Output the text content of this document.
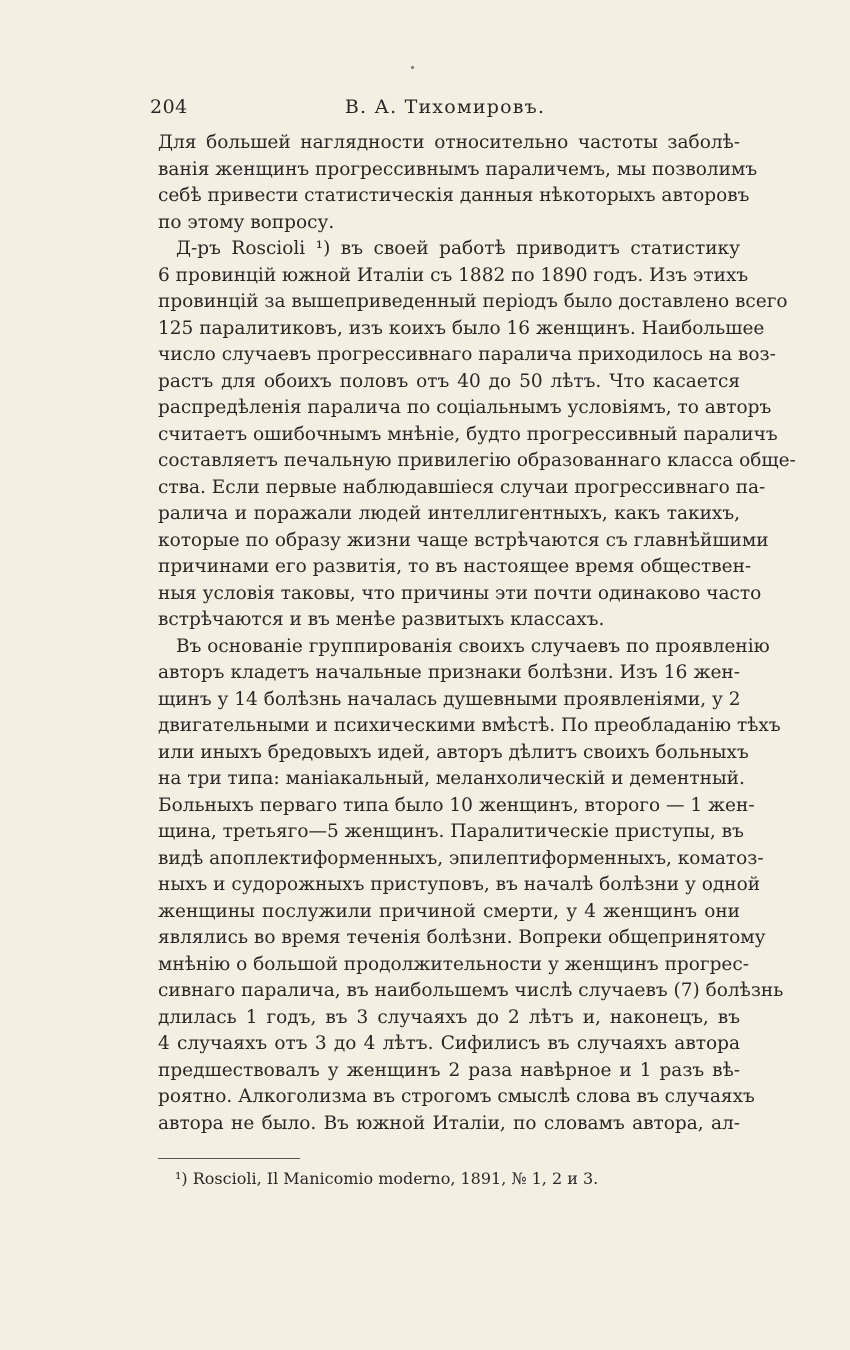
204	В. А. Тихомировъ.
Для большей наглядности относительно частоты заболѣ-
ванія женщинъ прогрессивнымъ параличемъ, мы позволимъ
себѣ привести статистическія данныя нѣкоторыхъ авторовъ
по этому вопросу.
Д-ръ Roscioli ¹) въ своей работѣ приводитъ статистику
6 провинцій южной Италіи съ 1882 по 1890 годъ. Изъ этихъ
провинцій за вышеприведенный періодъ было доставлено всего
125 паралитиковъ, изъ коихъ было 16 женщинъ. Наибольшее
число случаевъ прогрессивнаго паралича приходилось на воз-
растъ для обоихъ половъ отъ 40 до 50 лѣтъ. Что касается
распредѣленія паралича по соціальнымъ условіямъ, то авторъ
считаетъ ошибочнымъ мнѣніе, будто прогрессивный параличъ
составляетъ печальную привилегію образованнаго класса обще-
ства. Если первые наблюдавшіеся случаи прогрессивнаго па-
ралича и поражали людей интеллигентныхъ, какъ такихъ,
которые по образу жизни чаще встрѣчаются съ главнѣйшими
причинами его развитія, то въ настоящее время обществен-
ныя условія таковы, что причины эти почти одинаково часто
встрѣчаются и въ менѣе развитыхъ классахъ.
Въ основаніе группированія своихъ случаевъ по проявленію
авторъ кладетъ начальные признаки болѣзни. Изъ 16 жен-
щинъ у 14 болѣзнь началась душевными проявленіями, у 2
двигательными и психическими вмѣстѣ. По преобладанію тѣхъ
или иныхъ бредовыхъ идей, авторъ дѣлитъ своихъ больныхъ
на три типа: маніакальный, меланхолическій и дементный.
Больныхъ перваго типа было 10 женщинъ, второго — 1 жен-
щина, третьяго—5 женщинъ. Паралитическіе приступы, въ
видѣ апоплектиформенныхъ, эпилептиформенныхъ, коматоз-
ныхъ и судорожныхъ приступовъ, въ началѣ болѣзни у одной
женщины послужили причиной смерти, у 4 женщинъ они
являлись во время теченія болѣзни. Вопреки общепринятому
мнѣнію о большой продолжительности у женщинъ прогрес-
сивнаго паралича, въ наибольшемъ числѣ случаевъ (7) болѣзнь
длилась 1 годъ, въ 3 случаяхъ до 2 лѣтъ и, наконецъ, въ
4 случаяхъ отъ 3 до 4 лѣтъ. Сифилисъ въ случаяхъ автора
предшествовалъ у женщинъ 2 раза навѣрное и 1 разъ вѣ-
роятно. Алкоголизма въ строгомъ смыслѣ слова въ случаяхъ
автора не было. Въ южной Италіи, по словамъ автора, ал-
¹) Roscioli, Il Manicomio moderno, 1891, № 1, 2 и 3.
